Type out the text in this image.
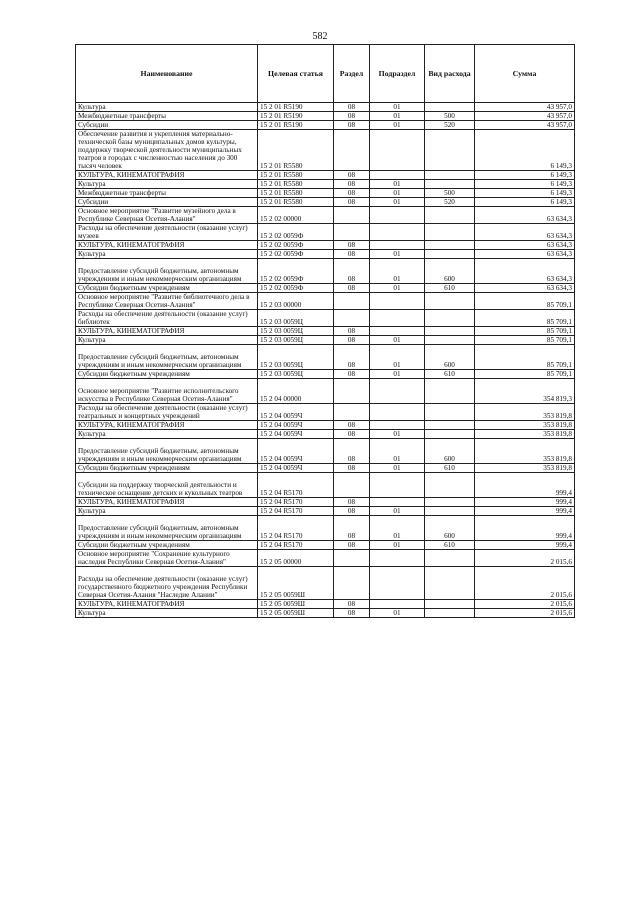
582
Наименование	Целевая статья	Раздел	Подраздел	Вид расхода	Сумма
Культура	15 2 01 R5190	08	01		43 957,0
Межбюджетные трансферты	15 2 01 R5190	08	01	500	43 957,0
Субсидии	15 2 01 R5190	08	01	520	43 957,0
Обеспечение развития и укрепления материально-технической базы муниципальных домов культуры, поддержку творческой деятельности муниципальных театров в городах с численностью населения до 300 тысяч человек	15 2 01 R5580				6 149,3
КУЛЬТУРА, КИНЕМАТОГРАФИЯ	15 2 01 R5580	08			6 149,3
Культура	15 2 01 R5580	08	01		6 149,3
Межбюджетные трансферты	15 2 01 R5580	08	01	500	6 149,3
Субсидии	15 2 01 R5580	08	01	520	6 149,3
Основное мероприятие "Развитие музейного дела в Республике Северная Осетия-Алания"	15 2 02 00000				63 634,3
Расходы на обеспечение деятельности (оказание услуг) музеев	15 2 02 0059Ф				63 634,3
КУЛЬТУРА, КИНЕМАТОГРАФИЯ	15 2 02 0059Ф	08			63 634,3
Культура	15 2 02 0059Ф	08	01		63 634,3
Предоставление субсидий бюджетным, автономным учреждениям и иным некоммерческим организациям	15 2 02 0059Ф	08	01	600	63 634,3
Субсидии бюджетным учреждениям	15 2 02 0059Ф	08	01	610	63 634,3
Основное мероприятие "Развитие библиотечного дела в Республике Северная Осетия-Алания"	15 2 03 00000				85 709,1
Расходы на обеспечение деятельности (оказание услуг) библиотек	15 2 03 0059Ц				85 709,1
КУЛЬТУРА, КИНЕМАТОГРАФИЯ	15 2 03 0059Ц	08			85 709,1
Культура	15 2 03 0059Ц	08	01		85 709,1
Предоставление субсидий бюджетным, автономным учреждениям и иным некоммерческим организациям	15 2 03 0059Ц	08	01	600	85 709,1
Субсидии бюджетным учреждениям	15 2 03 0059Ц	08	01	610	85 709,1
Основное мероприятие "Развитие исполнительского искусства в Республике Северная Осетия-Алания"	15 2 04 00000				354 819,3
Расходы на обеспечение деятельности (оказание услуг) театральных и концертных учреждений	15 2 04 0059Ч				353 819,8
КУЛЬТУРА, КИНЕМАТОГРАФИЯ	15 2 04 0059Ч	08			353 819,8
Культура	15 2 04 0059Ч	08	01		353 819,8
Предоставление субсидий бюджетным, автономным учреждениям и иным некоммерческим организациям	15 2 04 0059Ч	08	01	600	353 819,8
Субсидии бюджетным учреждениям	15 2 04 0059Ч	08	01	610	353 819,8
Субсидии на поддержку творческой деятельности и техническое оснащение детских и кукольных театров	15 2 04 R5170				999,4
КУЛЬТУРА, КИНЕМАТОГРАФИЯ	15 2 04 R5170	08			999,4
Культура	15 2 04 R5170	08	01		999,4
Предоставление субсидий бюджетным, автономным учреждениям и иным некоммерческим организациям	15 2 04 R5170	08	01	600	999,4
Субсидии бюджетным учреждениям	15 2 04 R5170	08	01	610	999,4
Основное мероприятие "Сохранение культурного наследия Республики Северная Осетия-Алания"	15 2 05 00000				2 015,6
Расходы на обеспечение деятельности (оказание услуг) государственного бюджетного учреждения Республики Северная Осетия-Алания "Наследие Алании"	15 2 05 0059Ш				2 015,6
КУЛЬТУРА, КИНЕМАТОГРАФИЯ	15 2 05 0059Ш	08			2 015,6
Культура	15 2 05 0059Ш	08	01		2 015,6
